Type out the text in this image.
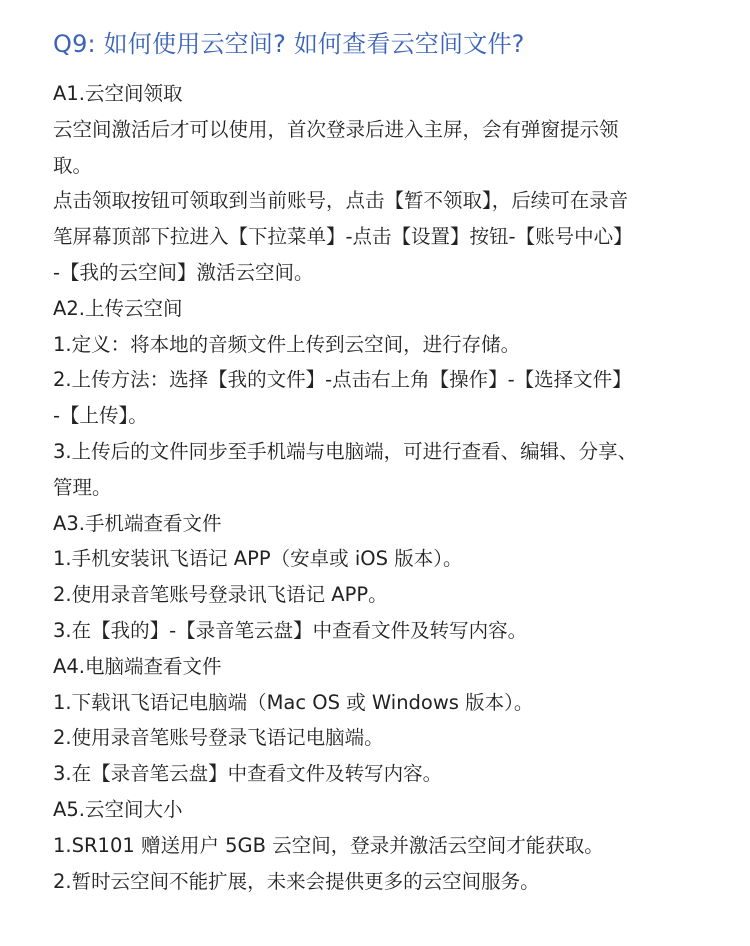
Q9: 如何使用云空间? 如何查看云空间文件?
A1.云空间领取
云空间激活后才可以使用，首次登录后进入主屏，会有弹窗提示领
取。
点击领取按钮可领取到当前账号，点击【暂不领取】，后续可在录音
笔屏幕顶部下拉进入【下拉菜单】-点击【设置】按钮-【账号中心】
-【我的云空间】激活云空间。
A2.上传云空间
1.定义：将本地的音频文件上传到云空间，进行存储。
2.上传方法：选择【我的文件】-点击右上角【操作】-【选择文件】
-【上传】。
3.上传后的文件同步至手机端与电脑端，可进行查看、编辑、分享、
管理。
A3.手机端查看文件
1.手机安装讯飞语记 APP（安卓或 iOS 版本）。
2.使用录音笔账号登录讯飞语记 APP。
3.在【我的】-【录音笔云盘】中查看文件及转写内容。
A4.电脑端查看文件
1.下载讯飞语记电脑端（Mac OS 或 Windows 版本）。
2.使用录音笔账号登录飞语记电脑端。
3.在【录音笔云盘】中查看文件及转写内容。
A5.云空间大小
1.SR101 赠送用户 5GB 云空间，登录并激活云空间才能获取。
2.暂时云空间不能扩展，未来会提供更多的云空间服务。
